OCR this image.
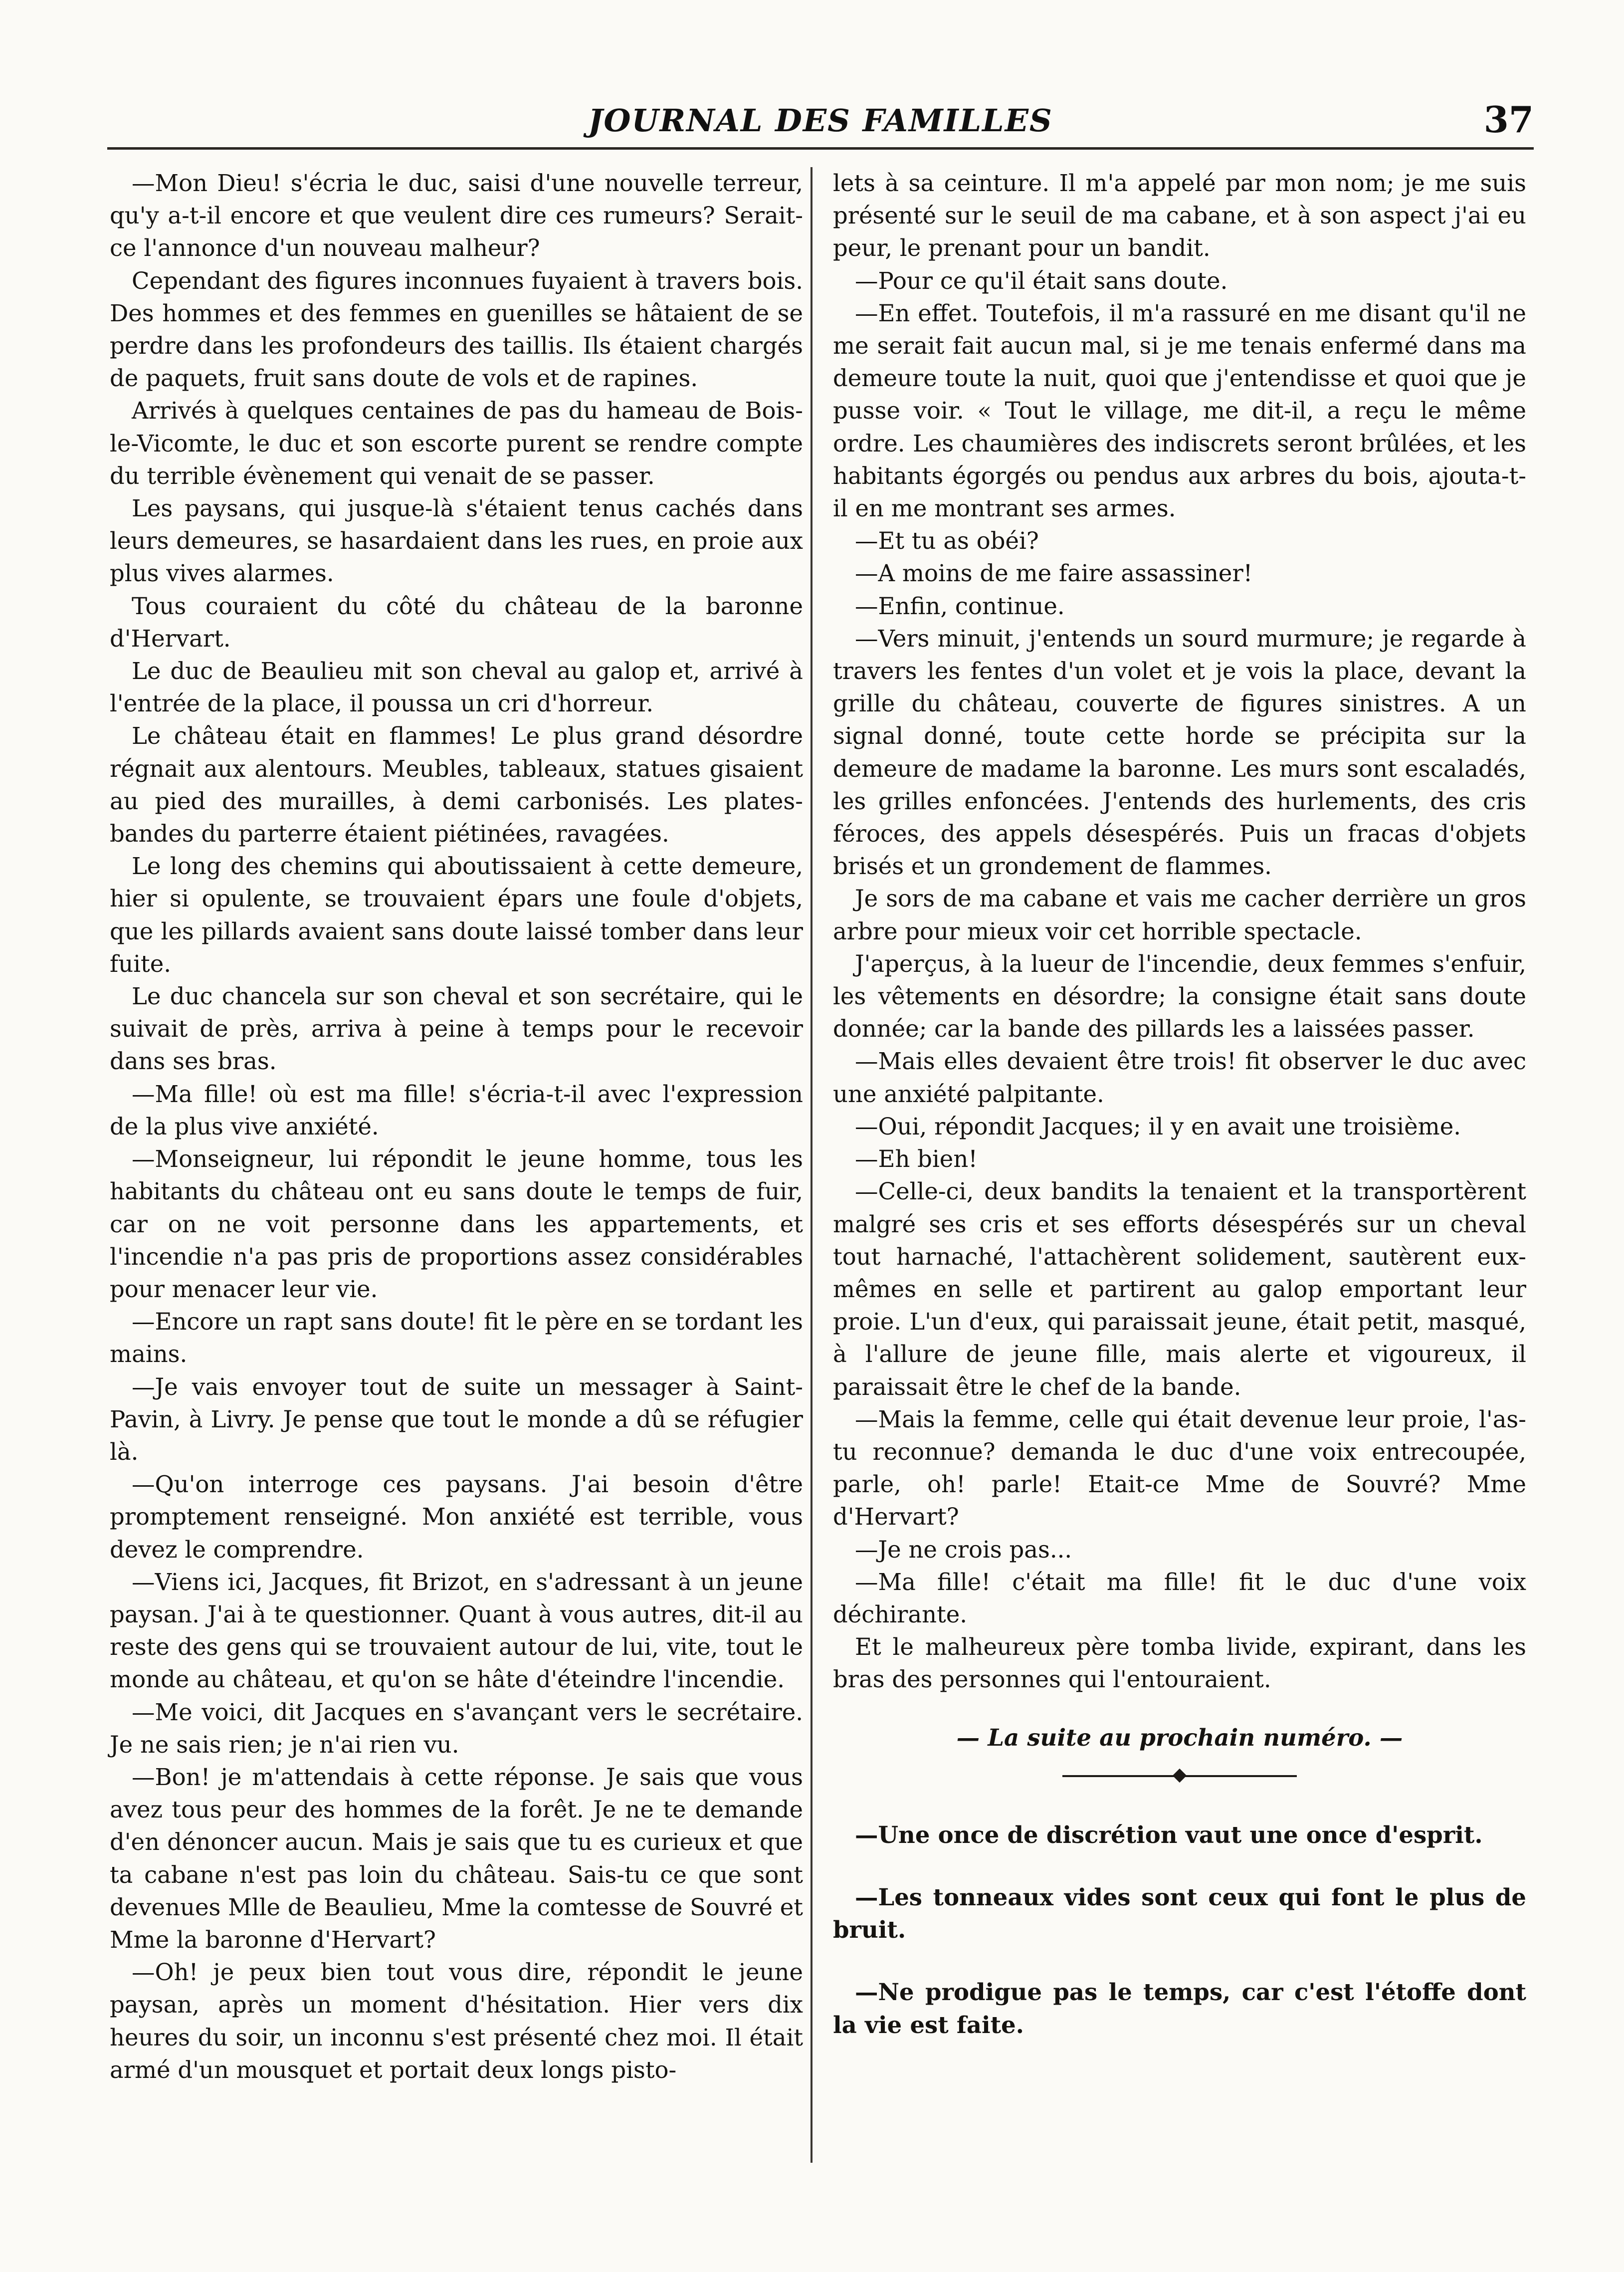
JOURNAL DES FAMILLES	37

—Mon Dieu! s'écria le duc, saisi d'une nouvelle terreur, qu'y a-t-il encore et que veulent dire ces rumeurs? Serait-ce l'annonce d'un nouveau malheur?

Cependant des figures inconnues fuyaient à travers bois. Des hommes et des femmes en guenilles se hâtaient de se perdre dans les profondeurs des taillis. Ils étaient chargés de paquets, fruit sans doute de vols et de rapines.

Arrivés à quelques centaines de pas du hameau de Bois-le-Vicomte, le duc et son escorte purent se rendre compte du terrible évènement qui venait de se passer.

Les paysans, qui jusque-là s'étaient tenus cachés dans leurs demeures, se hasardaient dans les rues, en proie aux plus vives alarmes.

Tous couraient du côté du château de la baronne d'Hervart.

Le duc de Beaulieu mit son cheval au galop et, arrivé à l'entrée de la place, il poussa un cri d'horreur.

Le château était en flammes! Le plus grand désordre régnait aux alentours. Meubles, tableaux, statues gisaient au pied des murailles, à demi carbonisés. Les plates-bandes du parterre étaient piétinées, ravagées.

Le long des chemins qui aboutissaient à cette demeure, hier si opulente, se trouvaient épars une foule d'objets, que les pillards avaient sans doute laissé tomber dans leur fuite.

Le duc chancela sur son cheval et son secrétaire, qui le suivait de près, arriva à peine à temps pour le recevoir dans ses bras.

—Ma fille! où est ma fille! s'écria-t-il avec l'expression de la plus vive anxiété.

—Monseigneur, lui répondit le jeune homme, tous les habitants du château ont eu sans doute le temps de fuir, car on ne voit personne dans les appartements, et l'incendie n'a pas pris de proportions assez considérables pour menacer leur vie.

—Encore un rapt sans doute! fit le père en se tordant les mains.

—Je vais envoyer tout de suite un messager à Saint-Pavin, à Livry. Je pense que tout le monde a dû se réfugier là.

—Qu'on interroge ces paysans. J'ai besoin d'être promptement renseigné. Mon anxiété est terrible, vous devez le comprendre.

—Viens ici, Jacques, fit Brizot, en s'adressant à un jeune paysan. J'ai à te questionner. Quant à vous autres, dit-il au reste des gens qui se trouvaient autour de lui, vite, tout le monde au château, et qu'on se hâte d'éteindre l'incendie.

—Me voici, dit Jacques en s'avançant vers le secrétaire. Je ne sais rien; je n'ai rien vu.

—Bon! je m'attendais à cette réponse. Je sais que vous avez tous peur des hommes de la forêt. Je ne te demande d'en dénoncer aucun. Mais je sais que tu es curieux et que ta cabane n'est pas loin du château. Sais-tu ce que sont devenues Mlle de Beaulieu, Mme la comtesse de Souvré et Mme la baronne d'Hervart?

—Oh! je peux bien tout vous dire, répondit le jeune paysan, après un moment d'hésitation. Hier vers dix heures du soir, un inconnu s'est présenté chez moi. Il était armé d'un mousquet et portait deux longs pisto-

lets à sa ceinture. Il m'a appelé par mon nom; je me suis présenté sur le seuil de ma cabane, et à son aspect j'ai eu peur, le prenant pour un bandit.

—Pour ce qu'il était sans doute.

—En effet. Toutefois, il m'a rassuré en me disant qu'il ne me serait fait aucun mal, si je me tenais enfermé dans ma demeure toute la nuit, quoi que j'entendisse et quoi que je pusse voir. « Tout le village, me dit-il, a reçu le même ordre. Les chaumières des indiscrets seront brûlées, et les habitants égorgés ou pendus aux arbres du bois, ajouta-t-il en me montrant ses armes.

—Et tu as obéi?

—A moins de me faire assassiner!

—Enfin, continue.

—Vers minuit, j'entends un sourd murmure; je regarde à travers les fentes d'un volet et je vois la place, devant la grille du château, couverte de figures sinistres. A un signal donné, toute cette horde se précipita sur la demeure de madame la baronne. Les murs sont escaladés, les grilles enfoncées. J'entends des hurlements, des cris féroces, des appels désespérés. Puis un fracas d'objets brisés et un grondement de flammes.

Je sors de ma cabane et vais me cacher derrière un gros arbre pour mieux voir cet horrible spectacle.

J'aperçus, à la lueur de l'incendie, deux femmes s'enfuir, les vêtements en désordre; la consigne était sans doute donnée; car la bande des pillards les a laissées passer.

—Mais elles devaient être trois! fit observer le duc avec une anxiété palpitante.

—Oui, répondit Jacques; il y en avait une troisième.

—Eh bien!

—Celle-ci, deux bandits la tenaient et la transportèrent malgré ses cris et ses efforts désespérés sur un cheval tout harnaché, l'attachèrent solidement, sautèrent eux-mêmes en selle et partirent au galop emportant leur proie. L'un d'eux, qui paraissait jeune, était petit, masqué, à l'allure de jeune fille, mais alerte et vigoureux, il paraissait être le chef de la bande.

—Mais la femme, celle qui était devenue leur proie, l'as-tu reconnue? demanda le duc d'une voix entrecoupée, parle, oh! parle! Etait-ce Mme de Souvré? Mme d'Hervart?

—Je ne crois pas...

—Ma fille! c'était ma fille! fit le duc d'une voix déchirante.

Et le malheureux père tomba livide, expirant, dans les bras des personnes qui l'entouraient.

— La suite au prochain numéro. —

—Une once de discrétion vaut une once d'esprit.

—Les tonneaux vides sont ceux qui font le plus de bruit.

—Ne prodigue pas le temps, car c'est l'étoffe dont la vie est faite.
